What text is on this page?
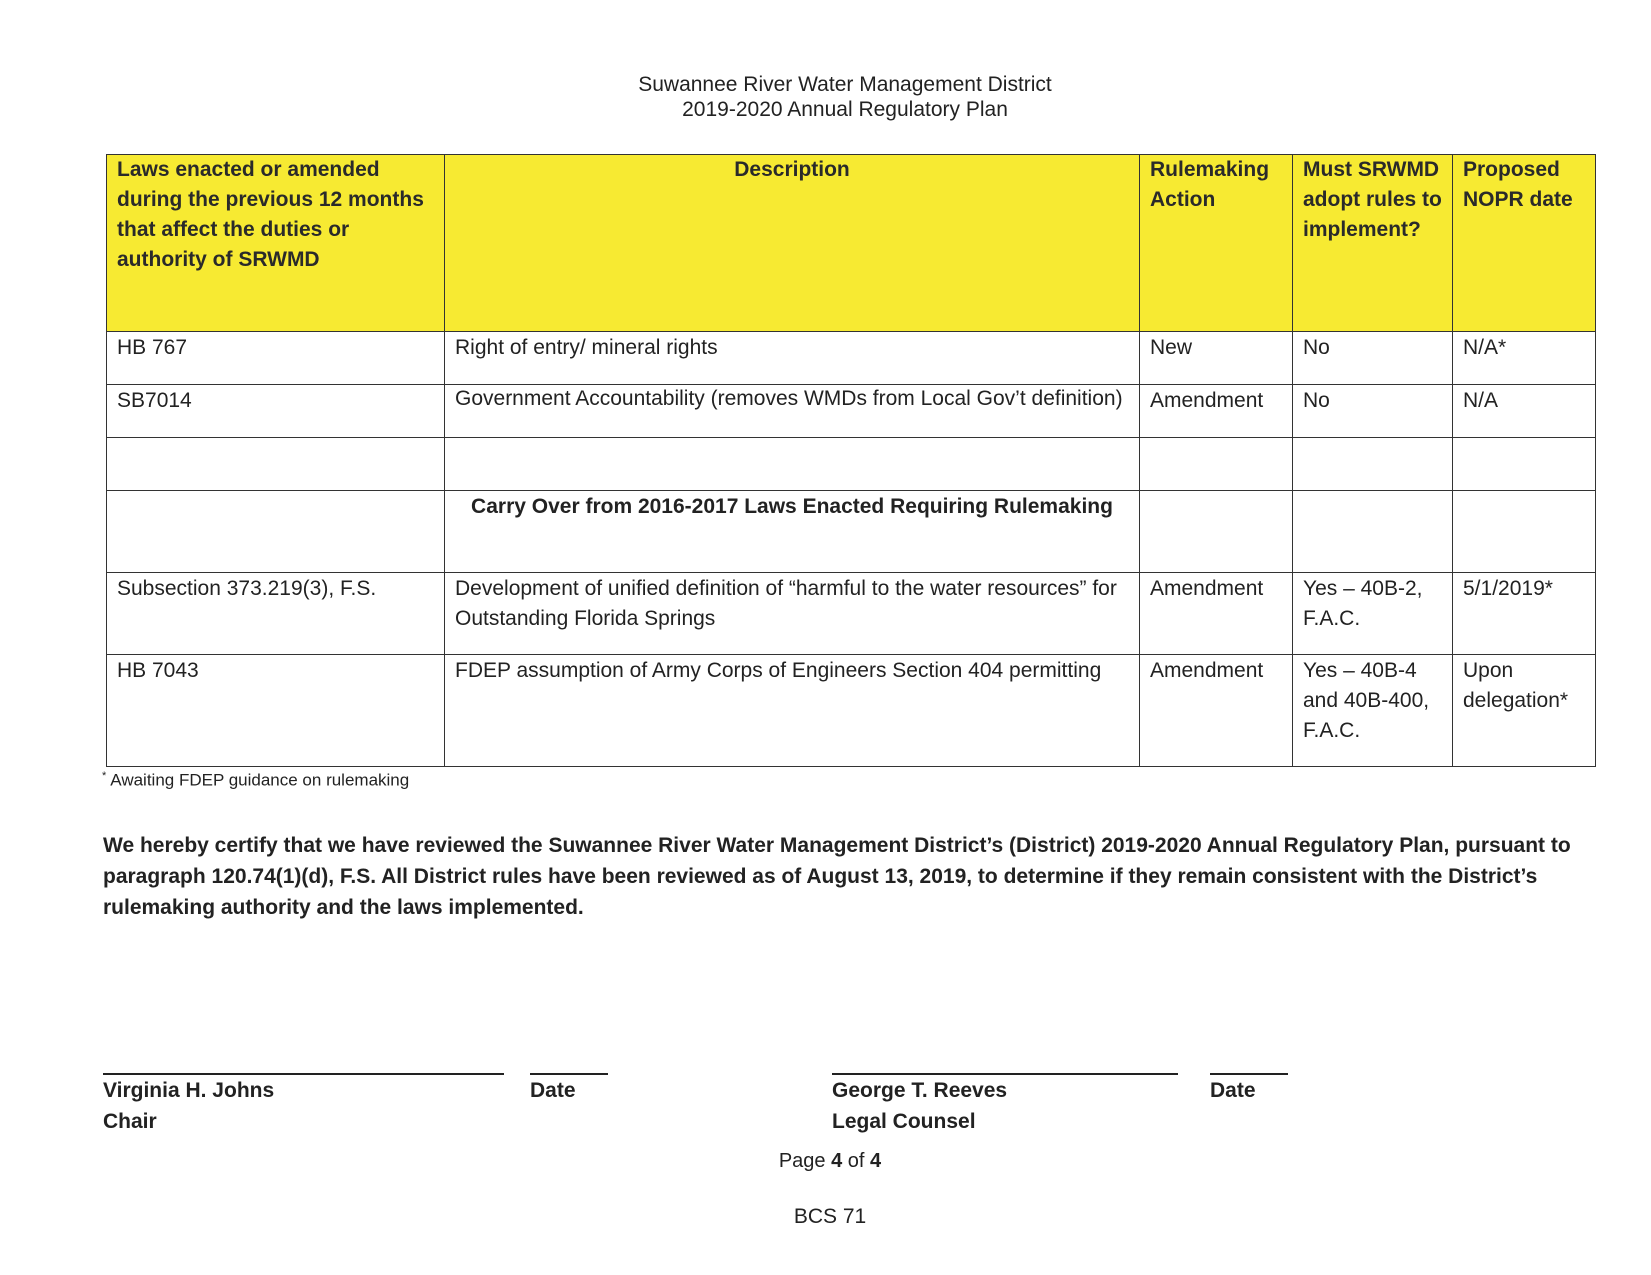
Suwannee River Water Management District
2019-2020 Annual Regulatory Plan
Laws enacted or amended during the previous 12 months that affect the duties or authority of SRWMD	Description	Rulemaking Action	Must SRWMD adopt rules to implement?	Proposed NOPR date
HB 767	Right of entry/ mineral rights	New	No	N/A*
SB7014	Government Accountability (removes WMDs from Local Gov’t definition)	Amendment	No	N/A

	Carry Over from 2016-2017 Laws Enacted Requiring Rulemaking			
Subsection 373.219(3), F.S.	Development of unified definition of “harmful to the water resources” for Outstanding Florida Springs	Amendment	Yes – 40B-2, F.A.C.	5/1/2019*
HB 7043	FDEP assumption of Army Corps of Engineers Section 404 permitting	Amendment	Yes – 40B-4 and 40B-400, F.A.C.	Upon delegation*
* Awaiting FDEP guidance on rulemaking
We hereby certify that we have reviewed the Suwannee River Water Management District’s (District) 2019-2020 Annual Regulatory Plan, pursuant to paragraph 120.74(1)(d), F.S. All District rules have been reviewed as of August 13, 2019, to determine if they remain consistent with the District’s rulemaking authority and the laws implemented.
Virginia H. Johns
Chair
Date	George T. Reeves
Legal Counsel
Date
Page 4 of 4
BCS 71
